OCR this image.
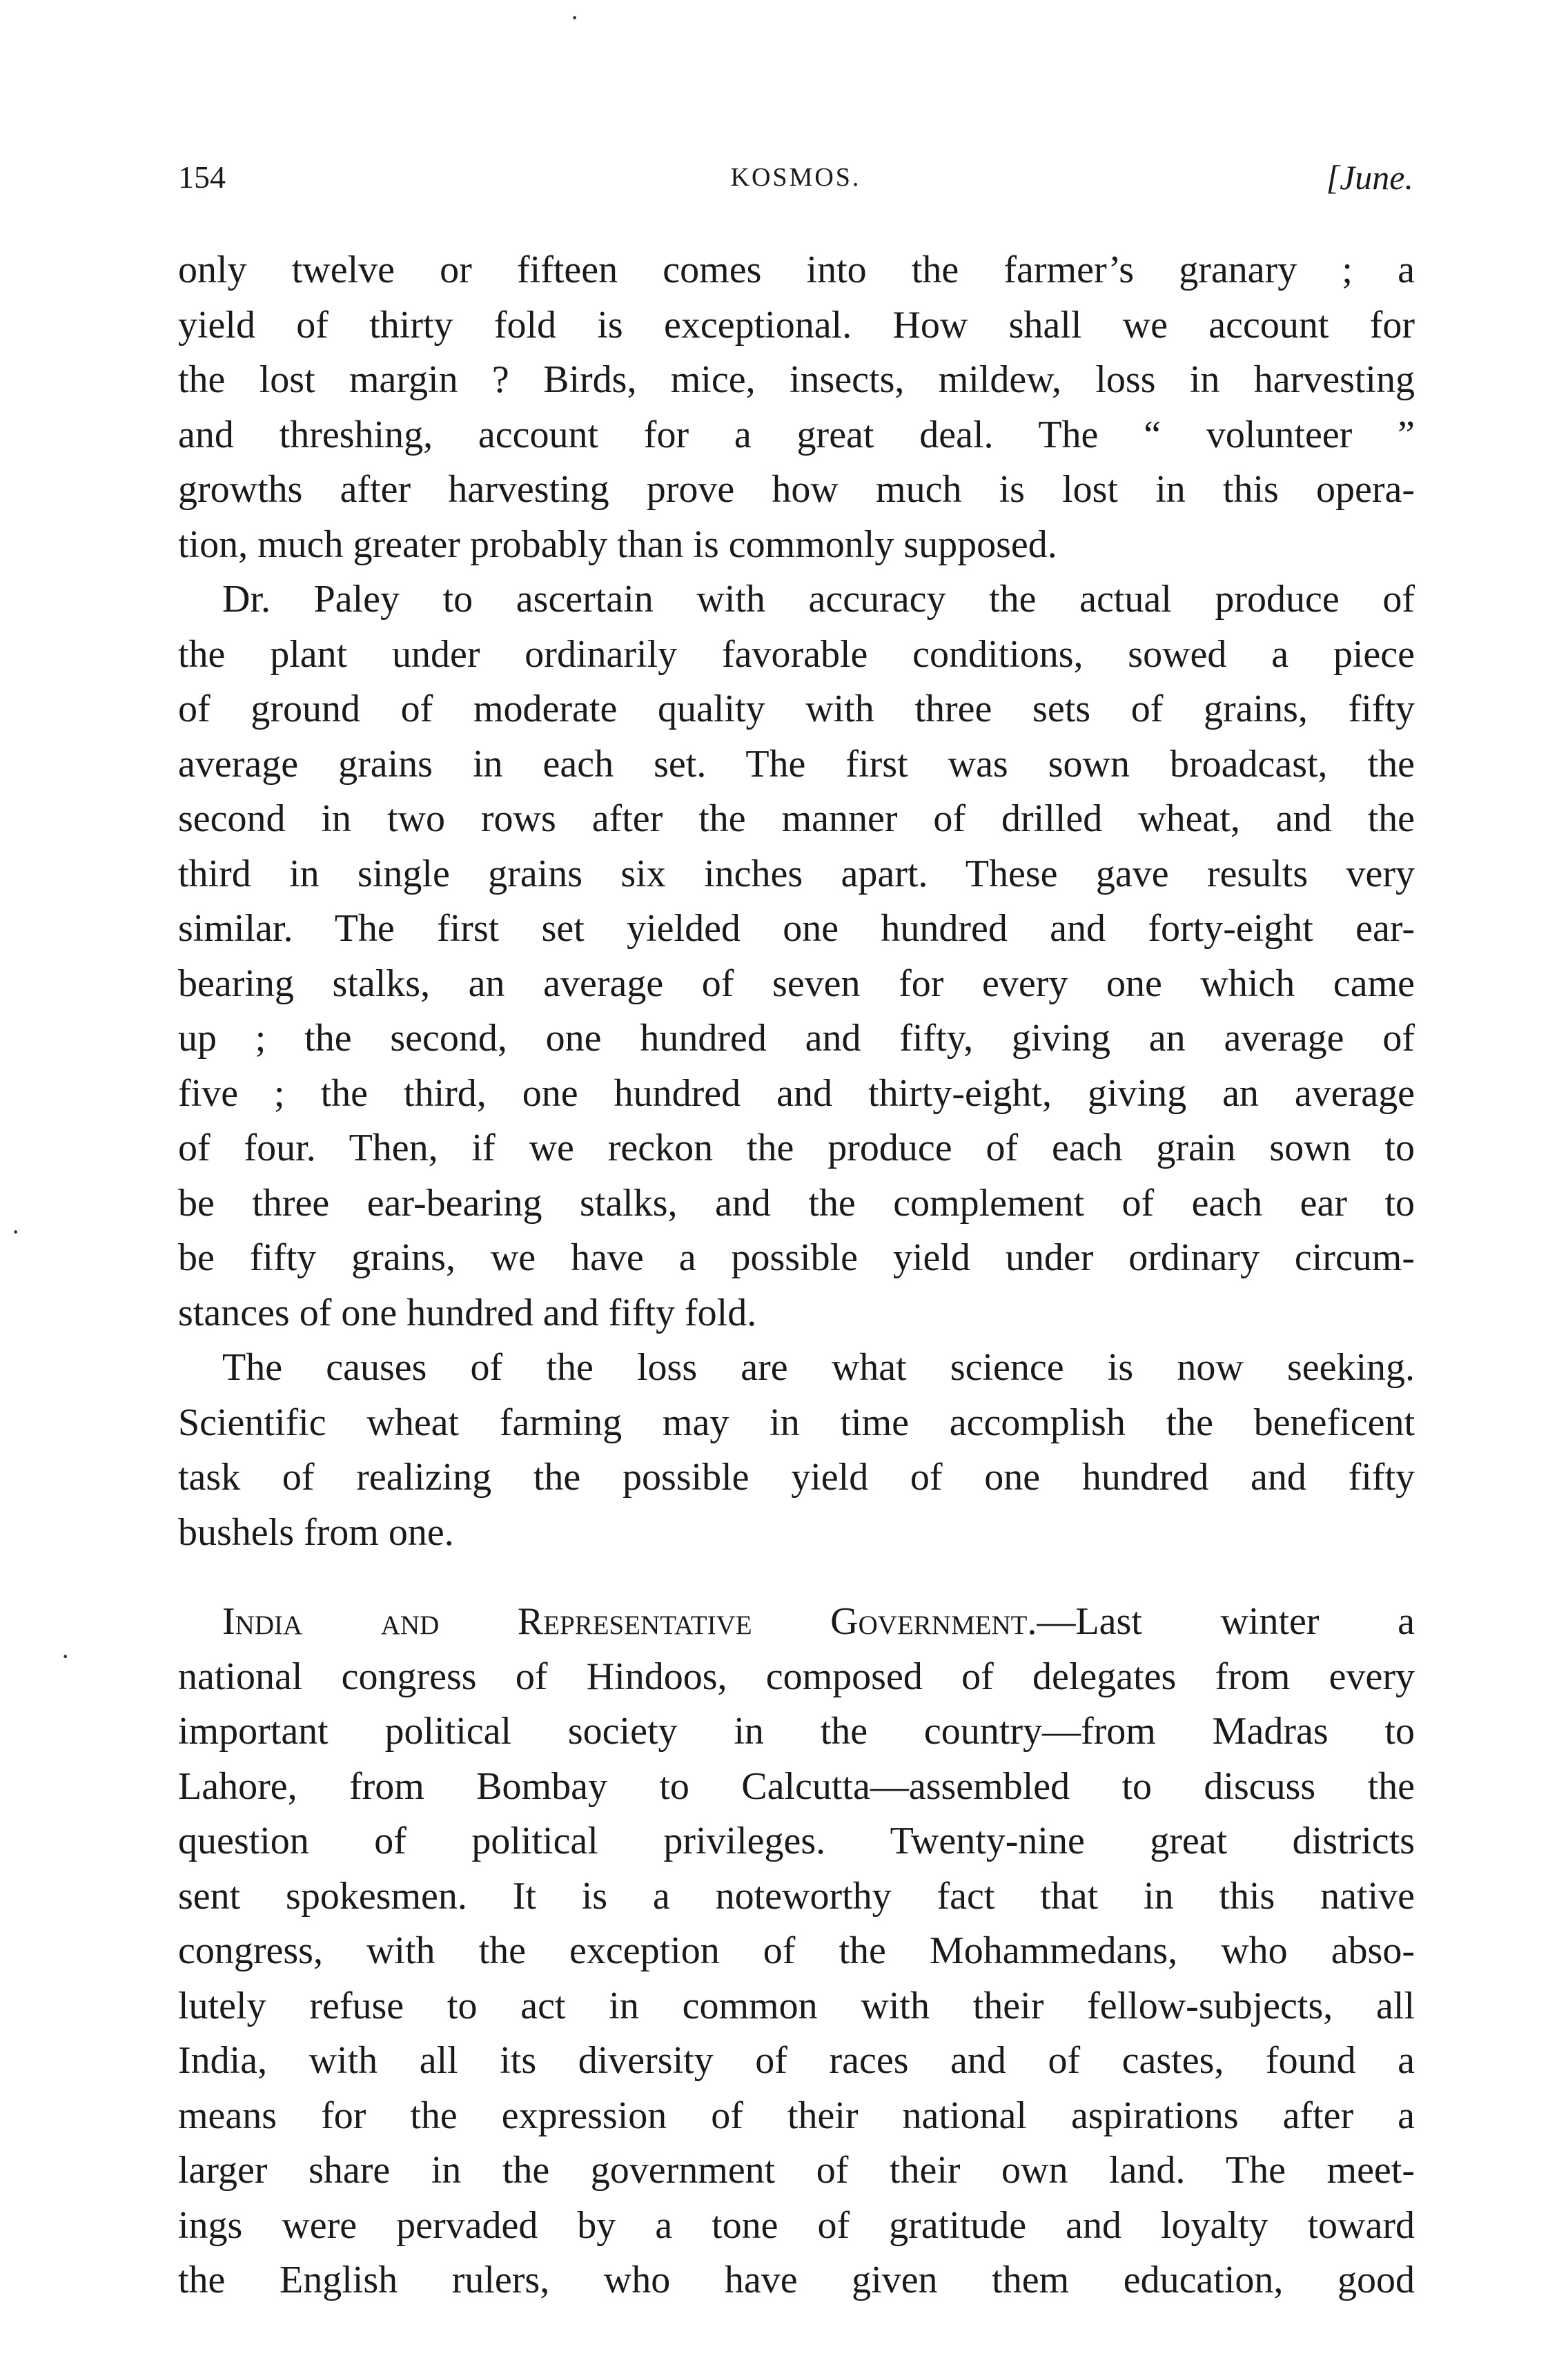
·
·
·
154	KOSMOS.	[June.
only twelve or fifteen comes into the farmer’s granary ; a
yield of thirty fold is exceptional. How shall we account for
the lost margin ? Birds, mice, insects, mildew, loss in harvesting
and threshing, account for a great deal. The “ volunteer ”
growths after harvesting prove how much is lost in this opera-
tion, much greater probably than is commonly supposed.
Dr. Paley to ascertain with accuracy the actual produce of
the plant under ordinarily favorable conditions, sowed a piece
of ground of moderate quality with three sets of grains, fifty
average grains in each set. The first was sown broadcast, the
second in two rows after the manner of drilled wheat, and the
third in single grains six inches apart. These gave results very
similar. The first set yielded one hundred and forty-eight ear-
bearing stalks, an average of seven for every one which came
up ; the second, one hundred and fifty, giving an average of
five ; the third, one hundred and thirty-eight, giving an average
of four. Then, if we reckon the produce of each grain sown to
be three ear-bearing stalks, and the complement of each ear to
be fifty grains, we have a possible yield under ordinary circum-
stances of one hundred and fifty fold.
The causes of the loss are what science is now seeking.
Scientific wheat farming may in time accomplish the beneficent
task of realizing the possible yield of one hundred and fifty
bushels from one.
India and Representative Government.—Last winter a
national congress of Hindoos, composed of delegates from every
important political society in the country—from Madras to
Lahore, from Bombay to Calcutta—assembled to discuss the
question of political privileges. Twenty-nine great districts
sent spokesmen. It is a noteworthy fact that in this native
congress, with the exception of the Mohammedans, who abso-
lutely refuse to act in common with their fellow-subjects, all
India, with all its diversity of races and of castes, found a
means for the expression of their national aspirations after a
larger share in the government of their own land. The meet-
ings were pervaded by a tone of gratitude and loyalty toward
the English rulers, who have given them education, good
